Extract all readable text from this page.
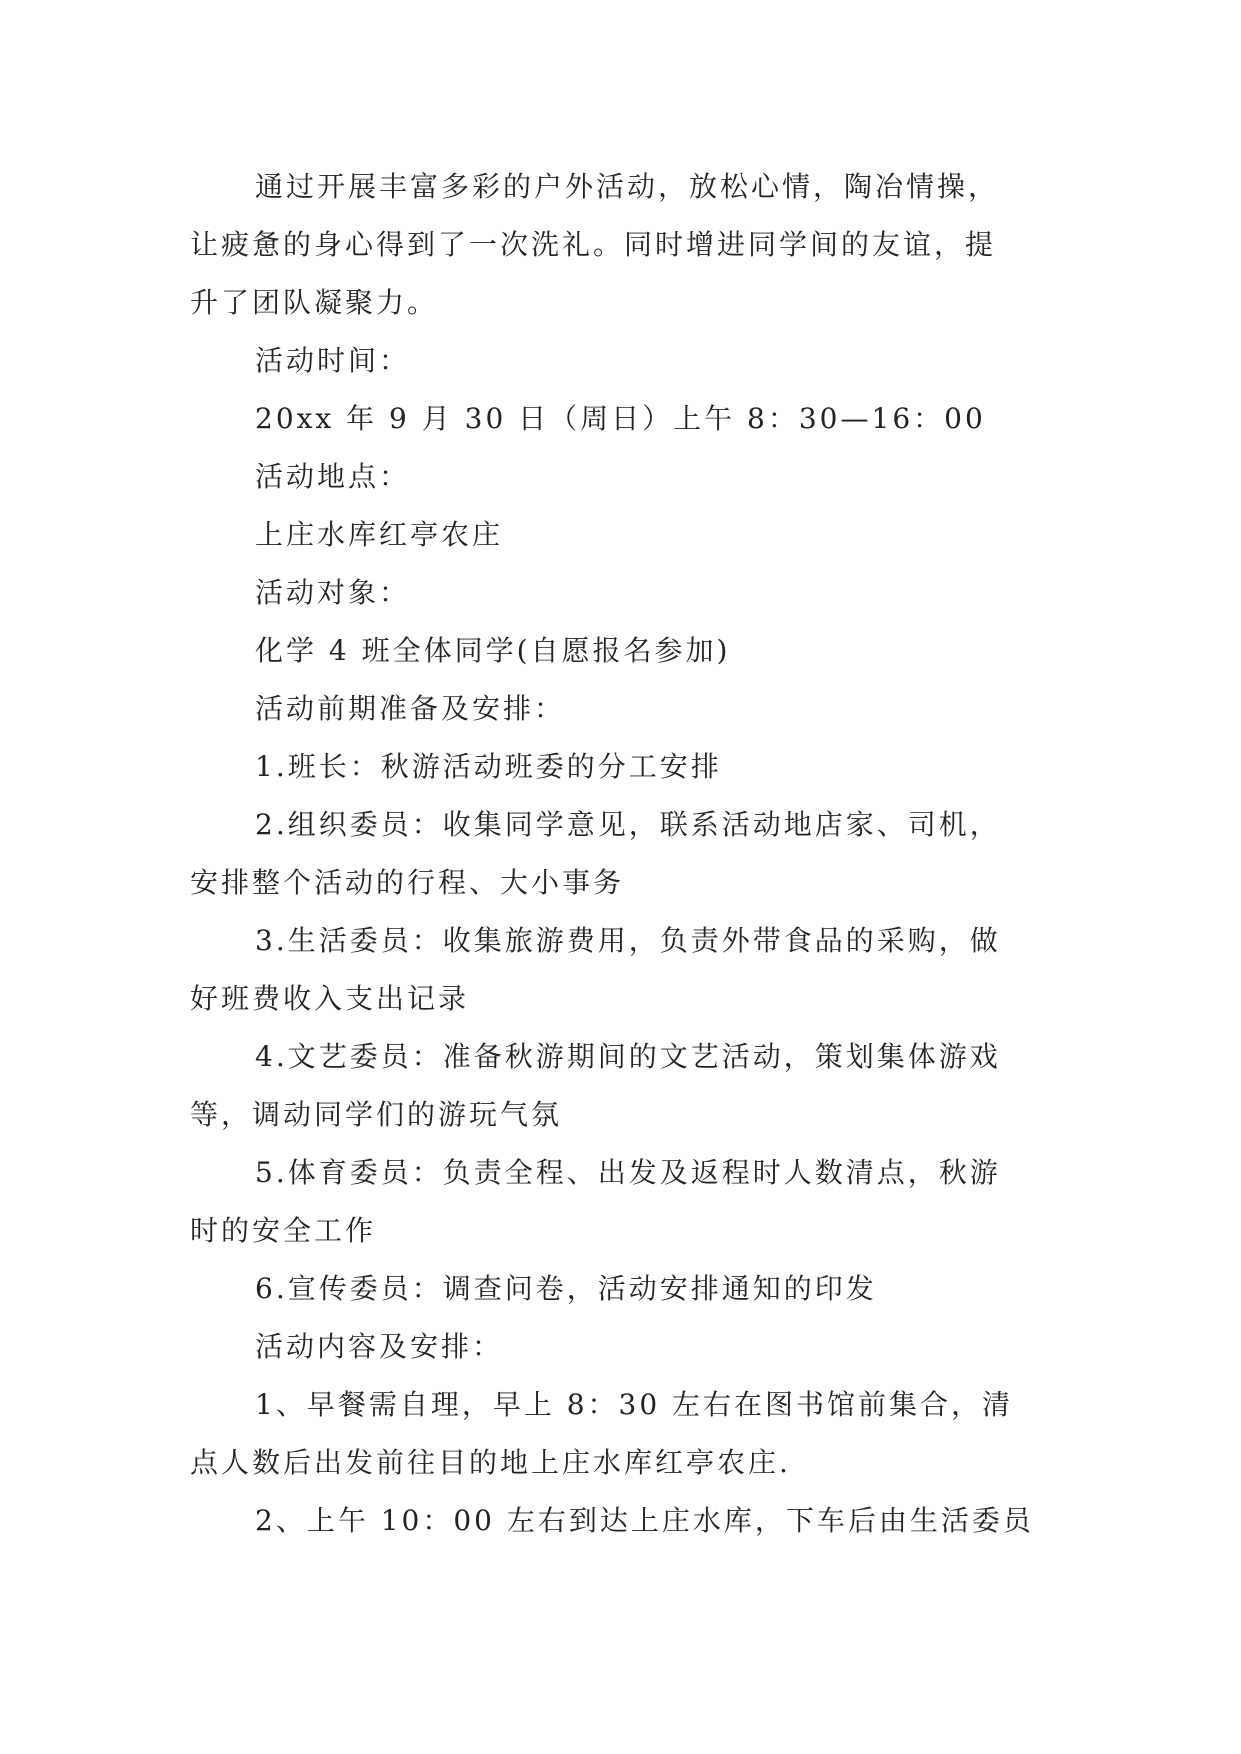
通过开展丰富多彩的户外活动，放松心情，陶冶情操，
让疲惫的身心得到了一次洗礼。同时增进同学间的友谊，提
升了团队凝聚力。
活动时间：
20xx 年 9 月 30 日（周日）上午 8：30—16：00
活动地点：
上庄水库红亭农庄
活动对象：
化学 4 班全体同学(自愿报名参加)
活动前期准备及安排：
1.班长：秋游活动班委的分工安排
2.组织委员：收集同学意见，联系活动地店家、司机，
安排整个活动的行程、大小事务
3.生活委员：收集旅游费用，负责外带食品的采购，做
好班费收入支出记录
4.文艺委员：准备秋游期间的文艺活动，策划集体游戏
等，调动同学们的游玩气氛
5.体育委员：负责全程、出发及返程时人数清点，秋游
时的安全工作
6.宣传委员：调查问卷，活动安排通知的印发
活动内容及安排：
1、早餐需自理，早上 8：30 左右在图书馆前集合，清
点人数后出发前往目的地上庄水库红亭农庄.
2、上午 10：00 左右到达上庄水库，下车后由生活委员
